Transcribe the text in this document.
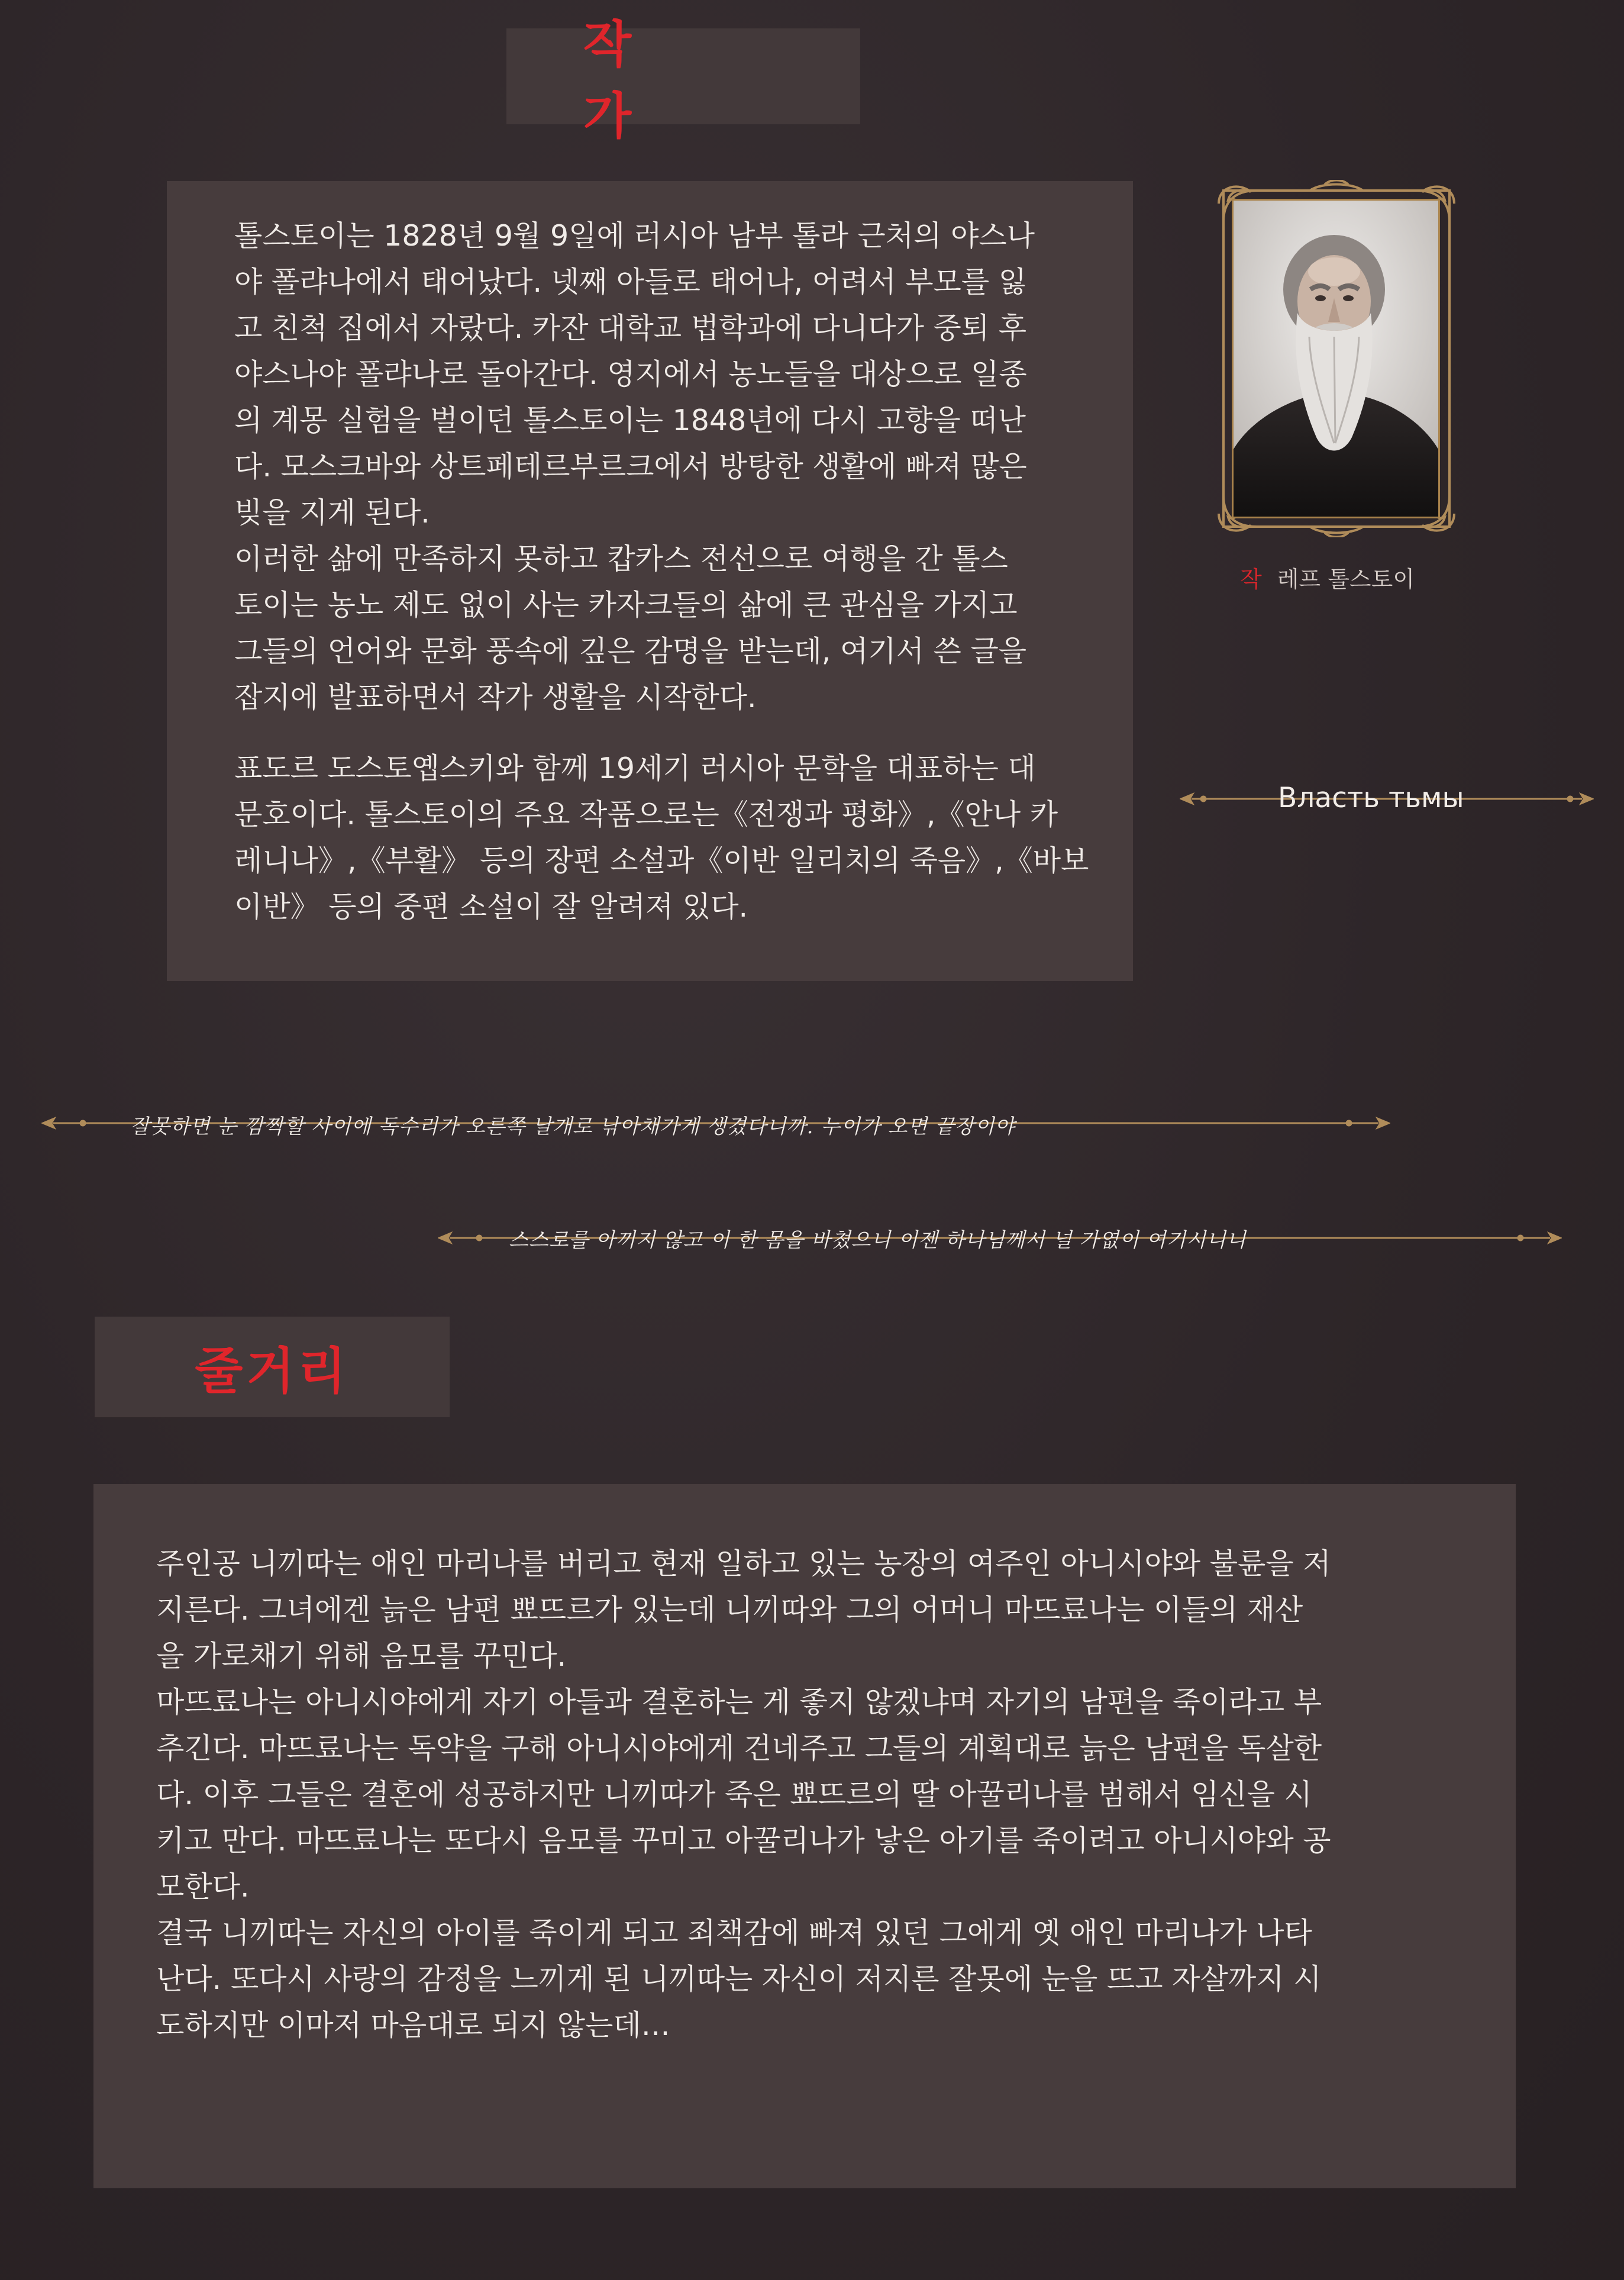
작 가

톨스토이는 1828년 9월 9일에 러시아 남부 톨라 근처의 야스나
야 폴랴나에서 태어났다. 넷째 아들로 태어나, 어려서 부모를 잃
고 친척 집에서 자랐다. 카잔 대학교 법학과에 다니다가 중퇴 후
야스나야 폴랴나로 돌아간다. 영지에서 농노들을 대상으로 일종
의 계몽 실험을 벌이던 톨스토이는 1848년에 다시 고향을 떠난
다. 모스크바와 상트페테르부르크에서 방탕한 생활에 빠져 많은
빚을 지게 된다.
이러한 삶에 만족하지 못하고 캅카스 전선으로 여행을 간 톨스
토이는 농노 제도 없이 사는 카자크들의 삶에 큰 관심을 가지고
그들의 언어와 문화 풍속에 깊은 감명을 받는데, 여기서 쓴 글을
잡지에 발표하면서 작가 생활을 시작한다.

표도르 도스토옙스키와 함께 19세기 러시아 문학을 대표하는 대
문호이다. 톨스토이의 주요 작품으로는《전쟁과 평화》,《안나 카
레니나》,《부활》 등의 장편 소설과《이반 일리치의 죽음》,《바보
이반》 등의 중편 소설이 잘 알려져 있다.

작 레프 톨스토이
Власть тьмы
잘못하면 눈 깜짝할 사이에 독수리가 오른쪽 날개로 낚아채가게 생겼다니까. 누이가 오면 끝장이야
스스로를 아끼지 않고 이 한 몸을 바쳤으니 이젠 하나님께서 널 가엾이 여기시니니
줄거리

주인공 니끼따는 애인 마리나를 버리고 현재 일하고 있는 농장의 여주인 아니시야와 불륜을 저
지른다. 그녀에겐 늙은 남편 뾰뜨르가 있는데 니끼따와 그의 어머니 마뜨료나는 이들의 재산
을 가로채기 위해 음모를 꾸민다.
마뜨료나는 아니시야에게 자기 아들과 결혼하는 게 좋지 않겠냐며 자기의 남편을 죽이라고 부
추긴다. 마뜨료나는 독약을 구해 아니시야에게 건네주고 그들의 계획대로 늙은 남편을 독살한
다. 이후 그들은 결혼에 성공하지만 니끼따가 죽은 뾰뜨르의 딸 아꿀리나를 범해서 임신을 시
키고 만다. 마뜨료나는 또다시 음모를 꾸미고 아꿀리나가 낳은 아기를 죽이려고 아니시야와 공
모한다.
결국 니끼따는 자신의 아이를 죽이게 되고 죄책감에 빠져 있던 그에게 옛 애인 마리나가 나타
난다. 또다시 사랑의 감정을 느끼게 된 니끼따는 자신이 저지른 잘못에 눈을 뜨고 자살까지 시
도하지만 이마저 마음대로 되지 않는데…
